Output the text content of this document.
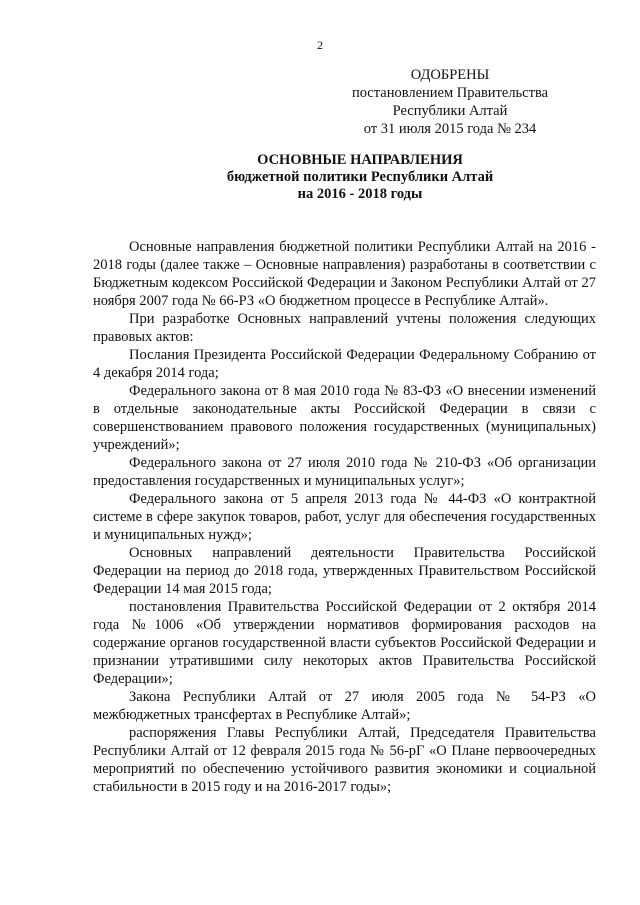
2
ОДОБРЕНЫ
постановлением Правительства
Республики Алтай
от 31 июля 2015 года № 234
ОСНОВНЫЕ НАПРАВЛЕНИЯ
бюджетной политики Республики Алтай
на 2016 - 2018 годы

Основные направления бюджетной политики Республики Алтай на 2016 - 2018 годы (далее также – Основные направления) разработаны в соответствии с Бюджетным кодексом Российской Федерации и Законом Республики Алтай от 27 ноября 2007 года № 66-РЗ «О бюджетном процессе в Республике Алтай».

При разработке Основных направлений учтены положения следующих правовых актов:

Послания Президента Российской Федерации Федеральному Собранию от 4 декабря 2014 года;

Федерального закона от 8 мая 2010 года № 83-ФЗ «О внесении изменений в отдельные законодательные акты Российской Федерации в связи с совершенствованием правового положения государственных (муниципальных) учреждений»;

Федерального закона от 27 июля 2010 года № 210-ФЗ «Об организации предоставления государственных и муниципальных услуг»;

Федерального закона от 5 апреля 2013 года № 44-ФЗ «О контрактной системе в сфере закупок товаров, работ, услуг для обеспечения государственных и муниципальных нужд»;

Основных направлений деятельности Правительства Российской Федерации на период до 2018 года, утвержденных Правительством Российской Федерации 14 мая 2015 года;

постановления Правительства Российской Федерации от 2 октября 2014 года №1006 «Об утверждении нормативов формирования расходов на содержание органов государственной власти субъектов Российской Федерации и признании утратившими силу некоторых актов Правительства Российской Федерации»;

Закона Республики Алтай от 27 июля 2005 года № 54-РЗ «О межбюджетных трансфертах в Республике Алтай»;

распоряжения Главы Республики Алтай, Председателя Правительства Республики Алтай от 12 февраля 2015 года № 56-рГ «О Плане первоочередных мероприятий по обеспечению устойчивого развития экономики и социальной стабильности в 2015 году и на 2016-2017 годы»;
